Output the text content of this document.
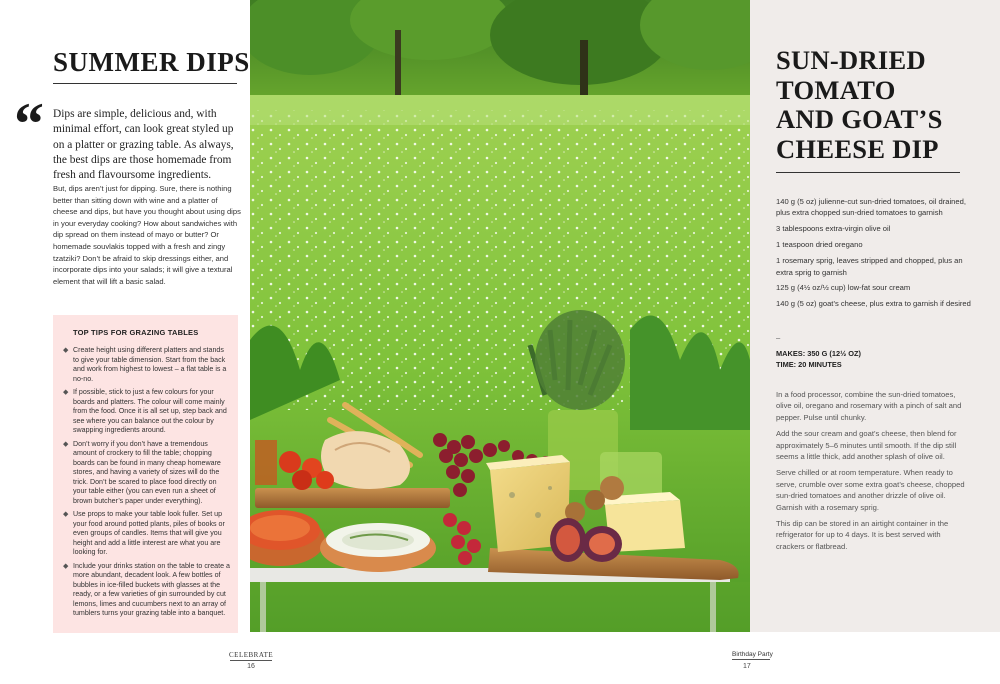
SUMMER DIPS
“ Dips are simple, delicious and, with minimal effort, can look great styled up on a platter or grazing table. As always, the best dips are those homemade from fresh and flavoursome ingredients.

But, dips aren’t just for dipping. Sure, there is nothing better than sitting down with wine and a platter of cheese and dips, but have you thought about using dips in your everyday cooking? How about sandwiches with dip spread on them instead of mayo or butter? Or homemade souvlakis topped with a fresh and zingy tzatziki? Don’t be afraid to skip dressings either, and incorporate dips into your salads; it will give a textural element that will lift a basic salad.

TOP TIPS FOR GRAZING TABLES
◆ Create height using different platters and stands to give your table dimension. Start from the back and work from highest to lowest – a flat table is a no-no.
◆ If possible, stick to just a few colours for your boards and platters. The colour will come mainly from the food. Once it is all set up, step back and see where you can balance out the colour by swapping ingredients around.
◆ Don’t worry if you don’t have a tremendous amount of crockery to fill the table; chopping boards can be found in many cheap homeware stores, and having a variety of sizes will do the trick. Don’t be scared to place food directly on your table either (you can even run a sheet of brown butcher’s paper under everything).
◆ Use props to make your table look fuller. Set up your food around potted plants, piles of books or even groups of candles. Items that will give you height and add a little interest are what you are looking for.
◆ Include your drinks station on the table to create a more abundant, decadent look. A few bottles of bubbles in ice-filled buckets with glasses at the ready, or a few varieties of gin surrounded by cut lemons, limes and cucumbers next to an array of tumblers turns your grazing table into a banquet.
CELEBRATE
16
SUN-DRIED
TOMATO
AND GOAT’S
CHEESE DIP
140 g (5 oz) julienne-cut sun-dried tomatoes, oil drained, plus extra chopped sun-dried tomatoes to garnish
3 tablespoons extra-virgin olive oil
1 teaspoon dried oregano
1 rosemary sprig, leaves stripped and chopped, plus an extra sprig to garnish
125 g (4½ oz/½ cup) low-fat sour cream
140 g (5 oz) goat’s cheese, plus extra to garnish if desired
–
MAKES: 350 G (12½ OZ)
TIME: 20 MINUTES

In a food processor, combine the sun-dried tomatoes, olive oil, oregano and rosemary with a pinch of salt and pepper. Pulse until chunky.

Add the sour cream and goat’s cheese, then blend for approximately 5–6 minutes until smooth. If the dip still seems a little thick, add another splash of olive oil.

Serve chilled or at room temperature. When ready to serve, crumble over some extra goat’s cheese, chopped sun-dried tomatoes and another drizzle of olive oil. Garnish with a rosemary sprig.

This dip can be stored in an airtight container in the refrigerator for up to 4 days. It is best served with crackers or flatbread.

Birthday Party
17
